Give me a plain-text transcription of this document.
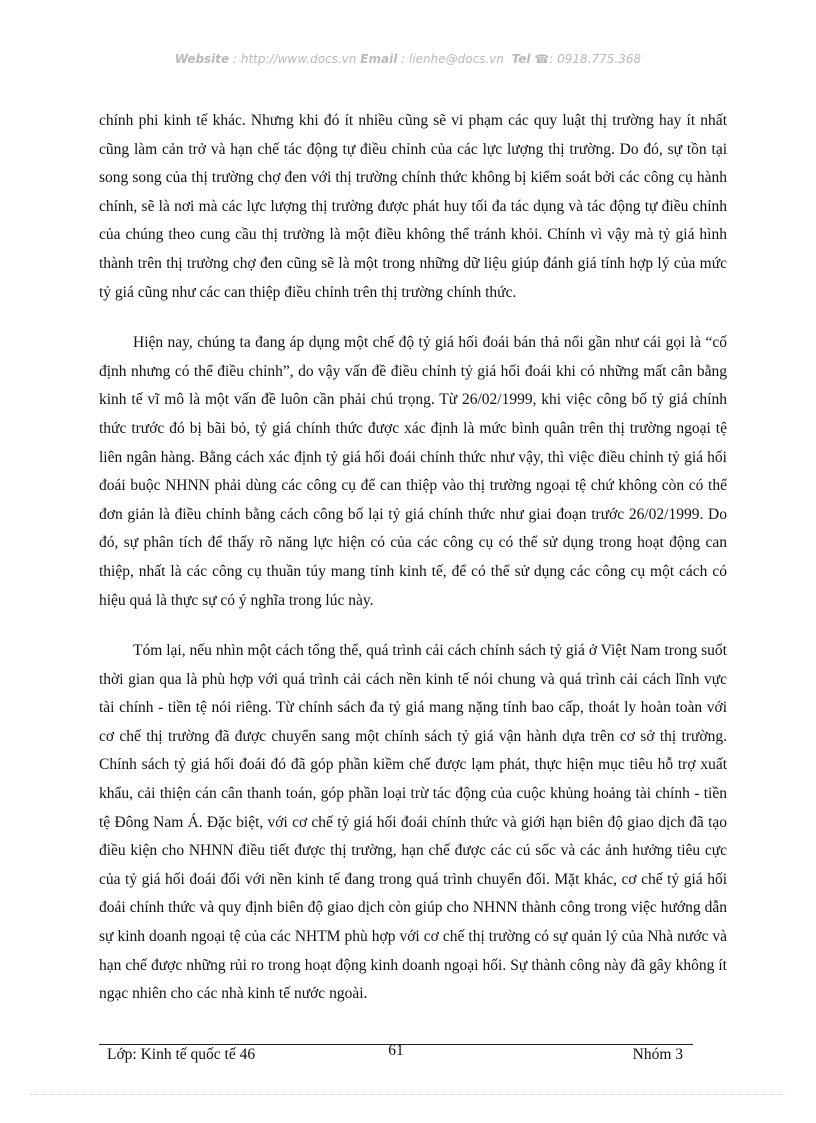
Website : http://www.docs.vn Email : lienhe@docs.vn Tel ☎: 0918.775.368

chính phi kinh tế khác. Nhưng khi đó ít nhiều cũng sẽ vi phạm các quy luật thị trường hay ít nhất cũng làm cản trở và hạn chế tác động tự điều chỉnh của các lực lượng thị trường. Do đó, sự tồn tại song song của thị trường chợ đen với thị trường chính thức không bị kiểm soát bởi các công cụ hành chính, sẽ là nơi mà các lực lượng thị trường được phát huy tối đa tác dụng và tác động tự điều chỉnh của chúng theo cung cầu thị trường là một điều không thể tránh khỏi. Chính vì vậy mà tỷ giá hình thành trên thị trường chợ đen cũng sẽ là một trong những dữ liệu giúp đánh giá tính hợp lý của mức tỷ giá cũng như các can thiệp điều chỉnh trên thị trường chính thức.

Hiện nay, chúng ta đang áp dụng một chế độ tỷ giá hối đoái bán thả nổi gần như cái gọi là “cố định nhưng có thể điều chỉnh”, do vậy vấn đề điều chỉnh tỷ giá hối đoái khi có những mất cân bằng kinh tế vĩ mô là một vấn đề luôn cần phải chú trọng. Từ 26/02/1999, khi việc công bố tỷ giá chính thức trước đó bị bãi bỏ, tỷ giá chính thức được xác định là mức bình quân trên thị trường ngoại tệ liên ngân hàng. Bằng cách xác định tỷ giá hối đoái chính thức như vậy, thì việc điều chỉnh tỷ giá hối đoái buộc NHNN phải dùng các công cụ để can thiệp vào thị trường ngoại tệ chứ không còn có thể đơn giản là điều chỉnh bằng cách công bố lại tỷ giá chính thức như giai đoạn trước 26/02/1999. Do đó, sự phân tích để thấy rõ năng lực hiện có của các công cụ có thể sử dụng trong hoạt động can thiệp, nhất là các công cụ thuần túy mang tính kinh tế, để có thể sử dụng các công cụ một cách có hiệu quả là thực sự có ý nghĩa trong lúc này.

Tóm lại, nếu nhìn một cách tổng thể, quá trình cải cách chính sách tỷ giá ở Việt Nam trong suốt thời gian qua là phù hợp với quá trình cải cách nền kinh tế nói chung và quá trình cải cách lĩnh vực tài chính - tiền tệ nói riêng. Từ chính sách đa tỷ giá mang nặng tính bao cấp, thoát ly hoàn toàn với cơ chế thị trường đã được chuyển sang một chính sách tỷ giá vận hành dựa trên cơ sở thị trường. Chính sách tỷ giá hối đoái đó đã góp phần kiềm chế được lạm phát, thực hiện mục tiêu hỗ trợ xuất khẩu, cải thiện cán cân thanh toán, góp phần loại trừ tác động của cuộc khủng hoảng tài chính - tiền tệ Đông Nam Á. Đặc biệt, với cơ chế tỷ giá hối đoái chính thức và giới hạn biên độ giao dịch đã tạo điều kiện cho NHNN điều tiết được thị trường, hạn chế được các cú sốc và các ảnh hưởng tiêu cực của tỷ giá hối đoái đối với nền kinh tế đang trong quá trình chuyển đổi. Mặt khác, cơ chế tỷ giá hối đoái chính thức và quy định biên độ giao dịch còn giúp cho NHNN thành công trong việc hướng dẫn sự kinh doanh ngoại tệ của các NHTM phù hợp với cơ chế thị trường có sự quản lý của Nhà nước và hạn chế được những rủi ro trong hoạt động kinh doanh ngoại hối. Sự thành công này đã gây không ít ngạc nhiên cho các nhà kinh tế nước ngoài.

Lớp: Kinh tế quốc tế 46	61	Nhóm 3
